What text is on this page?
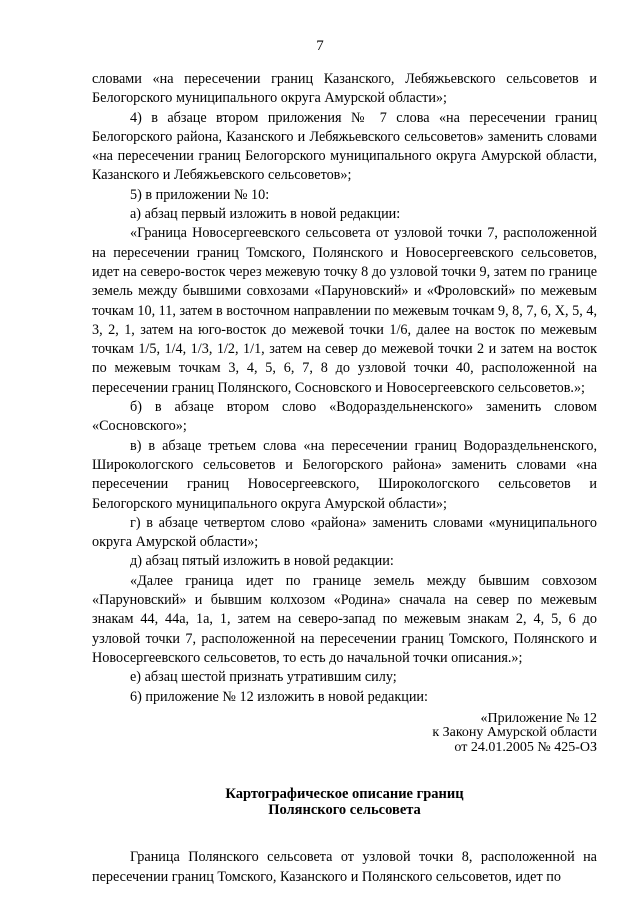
7

словами «на пересечении границ Казанского, Лебяжьевского сельсоветов и Белогорского муниципального округа Амурской области»;

4) в абзаце втором приложения № 7 слова «на пересечении границ Белогорского района, Казанского и Лебяжьевского сельсоветов» заменить словами «на пересечении границ Белогорского муниципального округа Амурской области, Казанского и Лебяжьевского сельсоветов»;

5) в приложении № 10:

а) абзац первый изложить в новой редакции:

«Граница Новосергеевского сельсовета от узловой точки 7, расположенной на пересечении границ Томского, Полянского и Новосергеевского сельсоветов, идет на северо-восток через межевую точку 8 до узловой точки 9, затем по границе земель между бывшими совхозами «Паруновский» и «Фроловский» по межевым точкам 10, 11, затем в восточном направлении по межевым точкам 9, 8, 7, 6, X, 5, 4, 3, 2, 1, затем на юго-восток до межевой точки 1/6, далее на восток по межевым точкам 1/5, 1/4, 1/3, 1/2, 1/1, затем на север до межевой точки 2 и затем на восток по межевым точкам 3, 4, 5, 6, 7, 8 до узловой точки 40, расположенной на пересечении границ Полянского, Сосновского и Новосергеевского сельсоветов.»;

б) в абзаце втором слово «Водораздельненского» заменить словом «Сосновского»;

в) в абзаце третьем слова «на пересечении границ Водораздельненского, Широкологского сельсоветов и Белогорского района» заменить словами «на пересечении границ Новосергеевского, Широкологского сельсоветов и Белогорского муниципального округа Амурской области»;

г) в абзаце четвертом слово «района» заменить словами «муниципального округа Амурской области»;

д) абзац пятый изложить в новой редакции:

«Далее граница идет по границе земель между бывшим совхозом «Паруновский» и бывшим колхозом «Родина» сначала на север по межевым знакам 44, 44а, 1а, 1, затем на северо-запад по межевым знакам 2, 4, 5, 6 до узловой точки 7, расположенной на пересечении границ Томского, Полянского и Новосергеевского сельсоветов, то есть до начальной точки описания.»;

е) абзац шестой признать утратившим силу;

6) приложение № 12 изложить в новой редакции:

«Приложение № 12
к Закону Амурской области
от 24.01.2005 № 425-ОЗ
Картографическое описание границ
Полянского сельсовета

Граница Полянского сельсовета от узловой точки 8, расположенной на пересечении границ Томского, Казанского и Полянского сельсоветов, идет по
